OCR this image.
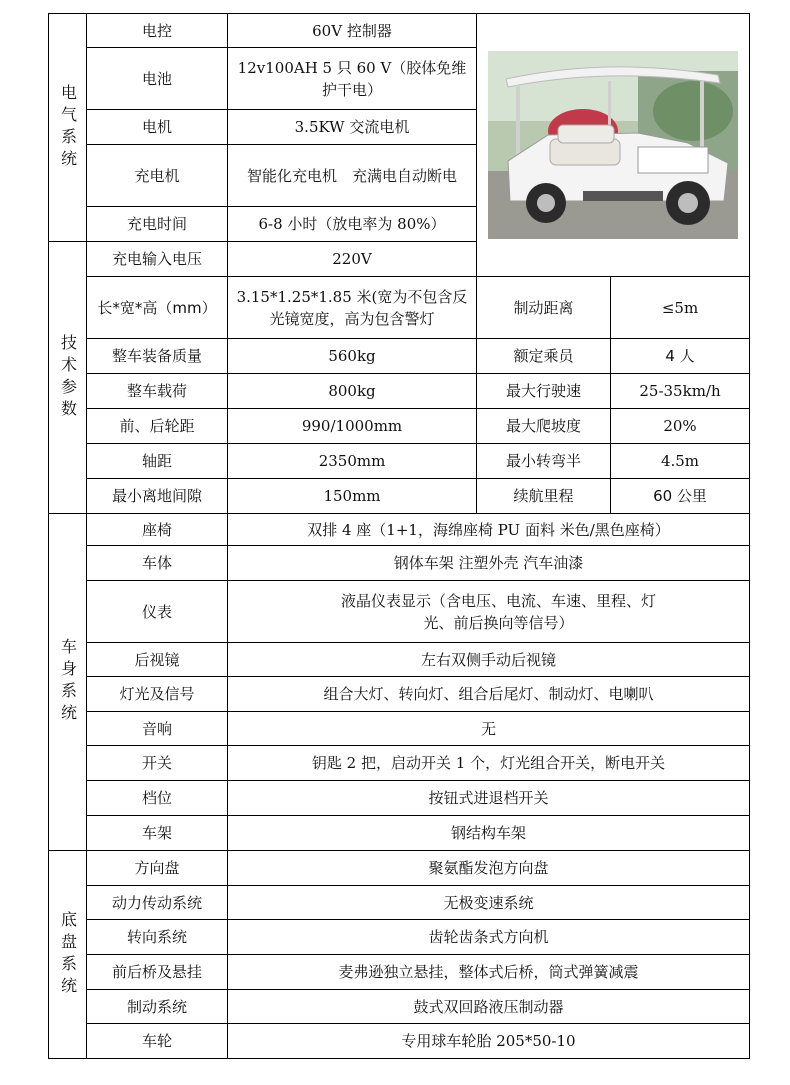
电气系统	电控	60V 控制器	

	电池	12v100AH 5 只 60 V（胶体免维护干电）		
	电机	3.5KW 交流电机		
	充电机	智能化充电机　充满电自动断电		
	充电时间	6-8 小时（放电率为 80%）		
技术参数	充电输入电压	220V		
	长*宽*高（mm）	3.15*1.25*1.85 米(宽为不包含反光镜宽度，高为包含警灯	制动距离	≤5m
	整车装备质量	560kg	额定乘员	4 人
	整车载荷	800kg	最大行驶速	25-35km/h
	前、后轮距	990/1000mm	最大爬坡度	20%
	轴距	2350mm	最小转弯半	4.5m
	最小离地间隙	150mm	续航里程	60 公里
车身系统	座椅	双排 4 座（1+1，海绵座椅 PU 面料 米色/黑色座椅）		
	车体	钢体车架 注塑外壳 汽车油漆		
	仪表	液晶仪表显示（含电压、电流、车速、里程、灯光、前后换向等信号）		
	后视镜	左右双侧手动后视镜		
	灯光及信号	组合大灯、转向灯、组合后尾灯、制动灯、电喇叭		
	音响	无		
	开关	钥匙 2 把，启动开关 1 个，灯光组合开关，断电开关		
	档位	按钮式进退档开关		
	车架	钢结构车架		
底盘系统	方向盘	聚氨酯发泡方向盘		
	动力传动系统	无极变速系统		
	转向系统	齿轮齿条式方向机		
	前后桥及悬挂	麦弗逊独立悬挂，整体式后桥，筒式弹簧减震		
	制动系统	鼓式双回路液压制动器		
	车轮	专用球车轮胎 205*50-10		
